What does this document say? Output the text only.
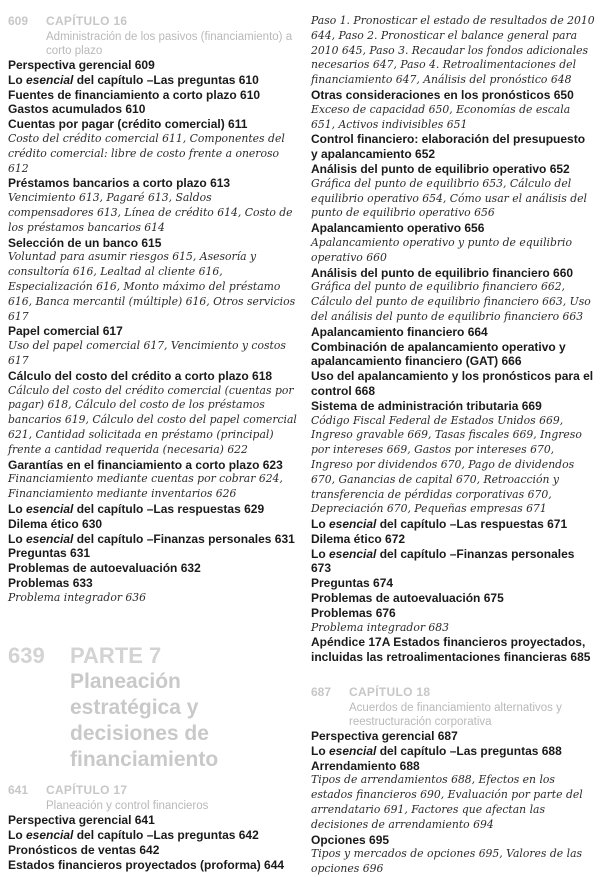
609	CAPÍTULO 16
Administración de los pasivos (financiamiento) a corto plazo
Perspectiva gerencial 609
Lo esencial del capítulo –Las preguntas 610
Fuentes de financiamiento a corto plazo 610
Gastos acumulados 610
Cuentas por pagar (crédito comercial) 611
Costo del crédito comercial 611, Componentes del crédito comercial: libre de costo frente a oneroso 612
Préstamos bancarios a corto plazo 613
Vencimiento 613, Pagaré 613, Saldos compensadores 613, Línea de crédito 614, Costo de los préstamos bancarios 614
Selección de un banco 615
Voluntad para asumir riesgos 615, Asesoría y consultoría 616, Lealtad al cliente 616, Especialización 616, Monto máximo del préstamo 616, Banca mercantil (múltiple) 616, Otros servicios 617
Papel comercial 617
Uso del papel comercial 617, Vencimiento y costos 617
Cálculo del costo del crédito a corto plazo 618
Cálculo del costo del crédito comercial (cuentas por pagar) 618, Cálculo del costo de los préstamos bancarios 619, Cálculo del costo del papel comercial 621, Cantidad solicitada en préstamo (principal) frente a cantidad requerida (necesaria) 622
Garantías en el financiamiento a corto plazo 623
Financiamiento mediante cuentas por cobrar 624, Financiamiento mediante inventarios 626
Lo esencial del capítulo –Las respuestas 629
Dilema ético 630
Lo esencial del capítulo –Finanzas personales 631
Preguntas 631
Problemas de autoevaluación 632
Problemas 633
Problema integrador 636
639	PARTE 7
Planeación estratégica y decisiones de financiamiento
641	CAPÍTULO 17
Planeación y control financieros
Perspectiva gerencial 641
Lo esencial del capítulo –Las preguntas 642
Pronósticos de ventas 642
Estados financieros proyectados (proforma) 644
Paso 1. Pronosticar el estado de resultados de 2010 644, Paso 2. Pronosticar el balance general para 2010 645, Paso 3. Recaudar los fondos adicionales necesarios 647, Paso 4. Retroalimentaciones del financiamiento 647, Análisis del pronóstico 648
Otras consideraciones en los pronósticos 650
Exceso de capacidad 650, Economías de escala 651, Activos indivisibles 651
Control financiero: elaboración del presupuesto y apalancamiento 652
Análisis del punto de equilibrio operativo 652
Gráfica del punto de equilibrio 653, Cálculo del equilibrio operativo 654, Cómo usar el análisis del punto de equilibrio operativo 656
Apalancamiento operativo 656
Apalancamiento operativo y punto de equilibrio operativo 660
Análisis del punto de equilibrio financiero 660
Gráfica del punto de equilibrio financiero 662, Cálculo del punto de equilibrio financiero 663, Uso del análisis del punto de equilibrio financiero 663
Apalancamiento financiero 664
Combinación de apalancamiento operativo y apalancamiento financiero (GAT) 666
Uso del apalancamiento y los pronósticos para el control 668
Sistema de administración tributaria 669
Código Fiscal Federal de Estados Unidos 669, Ingreso gravable 669, Tasas fiscales 669, Ingreso por intereses 669, Gastos por intereses 670, Ingreso por dividendos 670, Pago de dividendos 670, Ganancias de capital 670, Retroacción y transferencia de pérdidas corporativas 670, Depreciación 670, Pequeñas empresas 671
Lo esencial del capítulo –Las respuestas 671
Dilema ético 672
Lo esencial del capítulo –Finanzas personales 673
Preguntas 674
Problemas de autoevaluación 675
Problemas 676
Problema integrador 683
Apéndice 17A Estados financieros proyectados, incluidas las retroalimentaciones financieras 685
687	CAPÍTULO 18
Acuerdos de financiamiento alternativos y reestructuración corporativa
Perspectiva gerencial 687
Lo esencial del capítulo –Las preguntas 688
Arrendamiento 688
Tipos de arrendamientos 688, Efectos en los estados financieros 690, Evaluación por parte del arrendatario 691, Factores que afectan las decisiones de arrendamiento 694
Opciones 695
Tipos y mercados de opciones 695, Valores de las opciones 696
